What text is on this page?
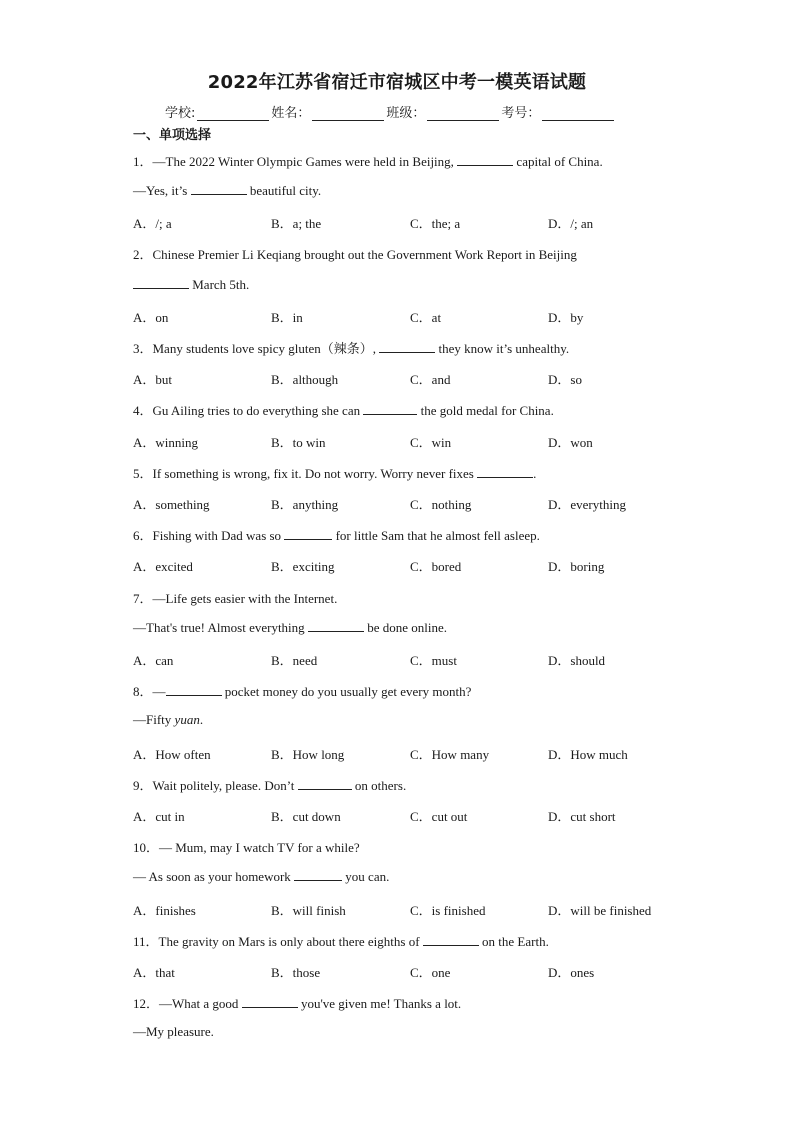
2022年江苏省宿迁市宿城区中考一模英语试题
学校:	姓名：	班级：	考号：
一、单项选择
1．—The 2022 Winter Olympic Games were held in Beijing,	capital of China.
—Yes, it’s	beautiful city.
A．/; a	B．a; the	C．the; a	D．/; an
2．Chinese Premier Li Keqiang brought out the Government Work Report in Beijing
March 5th.
A．on	B．in	C．at	D．by
3．Many students love spicy gluten（辣条）,	they know it’s unhealthy.
A．but	B．although	C．and	D．so
4．Gu Ailing tries to do everything she can	the gold medal for China.
A．winning	B．to win	C．win	D．won
5．If something is wrong, fix it. Do not worry. Worry never fixes	.
A．something	B．anything	C．nothing	D．everything
6．Fishing with Dad was so	for little Sam that he almost fell asleep.
A．excited	B．exciting	C．bored	D．boring
7．—Life gets easier with the Internet.
—That's true! Almost everything	be done online.
A．can	B．need	C．must	D．should
8．—	pocket money do you usually get every month?
—Fifty yuan.
A．How often	B．How long	C．How many	D．How much
9．Wait politely, please. Don’t	on others.
A．cut in	B．cut down	C．cut out	D．cut short
10．— Mum, may I watch TV for a while?
— As soon as your homework	you can.
A．finishes	B．will finish	C．is finished	D．will be finished
11．The gravity on Mars is only about there eighths of	on the Earth.
A．that	B．those	C．one	D．ones
12．—What a good	you've given me! Thanks a lot.
—My pleasure.
